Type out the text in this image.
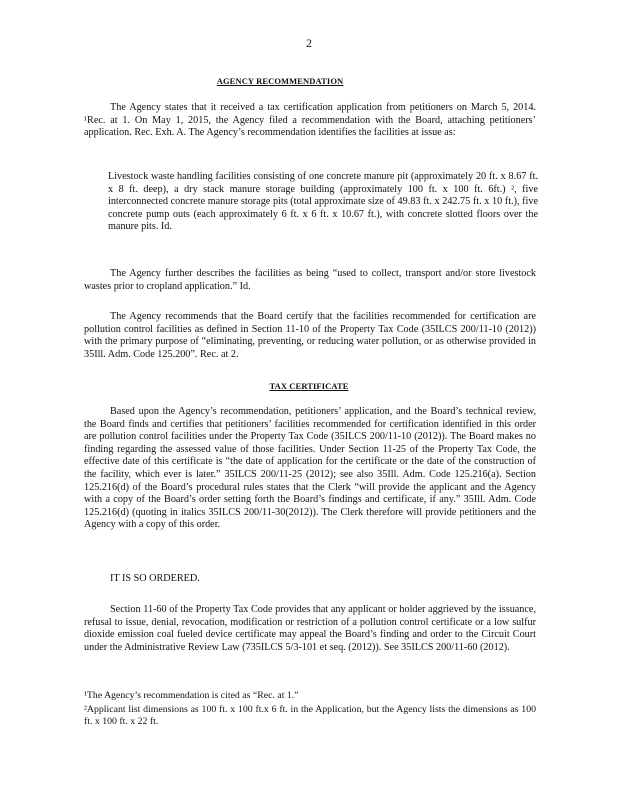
2
AGENCY RECOMMENDATION

The Agency states that it received a tax certification application from petitioners on March 5, 2014. ¹Rec. at 1. On May 1, 2015, the Agency filed a recommendation with the Board, attaching petitioners’ application. Rec. Exh. A. The Agency’s recommendation identifies the facilities at issue as:

Livestock waste handling facilities consisting of one concrete manure pit (approximately 20 ft. x 8.67 ft. x 8 ft. deep), a dry stack manure storage building (approximately 100 ft. x 100 ft. 6ft.) ², five interconnected concrete manure storage pits (total approximate size of 49.83 ft. x 242.75 ft. x 10 ft.), five concrete pump outs (each approximately 6 ft. x 6 ft. x 10.67 ft.), with concrete slotted floors over the manure pits. Id.

The Agency further describes the facilities as being “used to collect, transport and/or store livestock wastes prior to cropland application.” Id.

The Agency recommends that the Board certify that the facilities recommended for certification are pollution control facilities as defined in Section 11-10 of the Property Tax Code (35ILCS 200/11-10 (2012)) with the primary purpose of “eliminating, preventing, or reducing water pollution, or as otherwise provided in 35Ill. Adm. Code 125.200”. Rec. at 2.

TAX CERTIFICATE

Based upon the Agency’s recommendation, petitioners’ application, and the Board’s technical review, the Board finds and certifies that petitioners’ facilities recommended for certification identified in this order are pollution control facilities under the Property Tax Code (35ILCS 200/11-10 (2012)). The Board makes no finding regarding the assessed value of those facilities. Under Section 11-25 of the Property Tax Code, the effective date of this certificate is “the date of application for the certificate or the date of the construction of the facility, which ever is later.” 35ILCS 200/11-25 (2012); see also 35Ill. Adm. Code 125.216(a). Section 125.216(d) of the Board’s procedural rules states that the Clerk “will provide the applicant and the Agency with a copy of the Board’s order setting forth the Board’s findings and certificate, if any.” 35Ill. Adm. Code 125.216(d) (quoting in italics 35ILCS 200/11-30(2012)). The Clerk therefore will provide petitioners and the Agency with a copy of this order.

IT IS SO ORDERED.

Section 11-60 of the Property Tax Code provides that any applicant or holder aggrieved by the issuance, refusal to issue, denial, revocation, modification or restriction of a pollution control certificate or a low sulfur dioxide emission coal fueled device certificate may appeal the Board’s finding and order to the Circuit Court under the Administrative Review Law (735ILCS 5/3-101 et seq. (2012)). See 35ILCS 200/11-60 (2012).

¹The Agency’s recommendation is cited as “Rec. at 1.”

²Applicant list dimensions as 100 ft. x 100 ft.x 6 ft. in the Application, but the Agency lists the dimensions as 100 ft. x 100 ft. x 22 ft.
